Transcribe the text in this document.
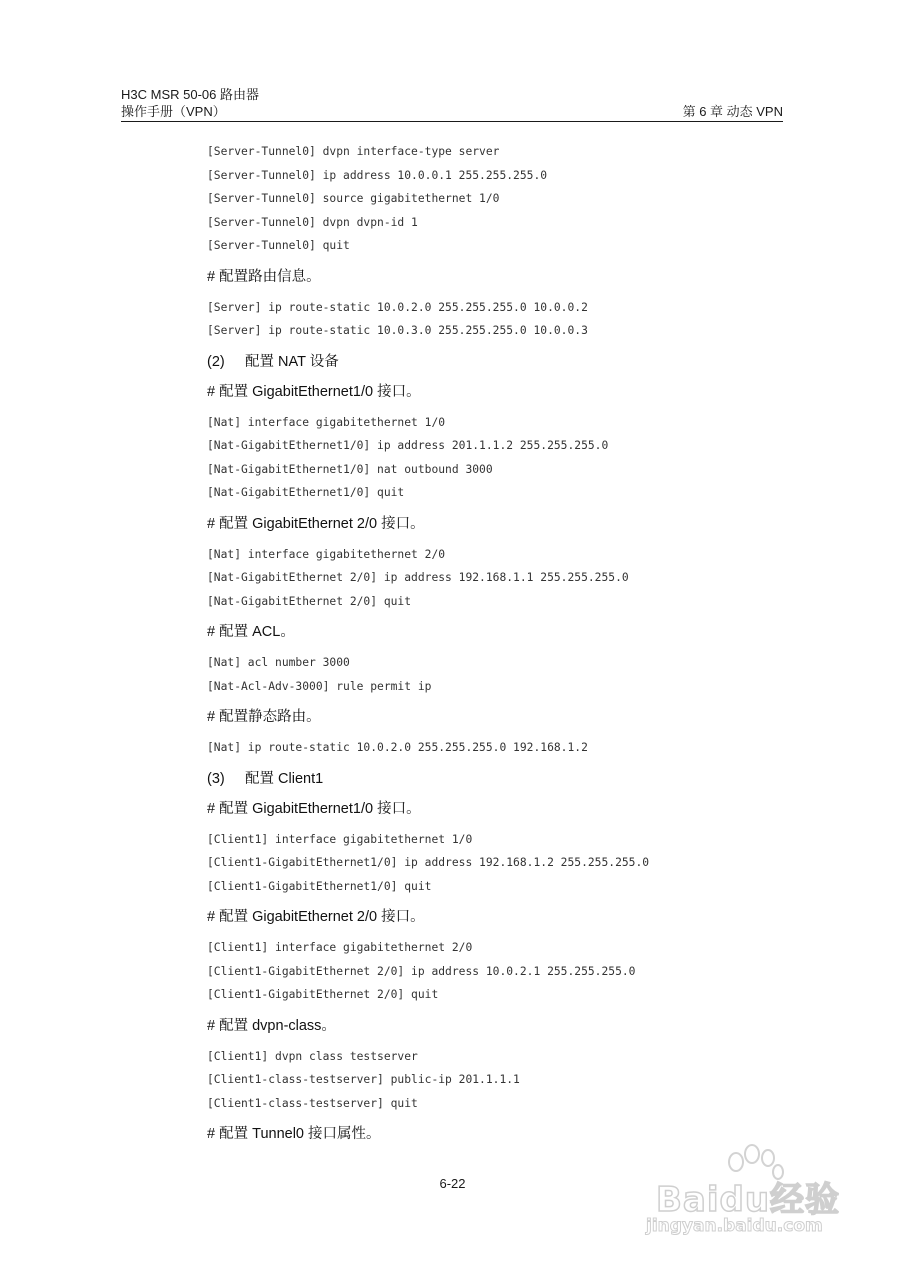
H3C MSR 50-06 路由器
操作手册（VPN）	第 6 章 动态 VPN
[Server-Tunnel0] dvpn interface-type server
[Server-Tunnel0] ip address 10.0.0.1 255.255.255.0
[Server-Tunnel0] source gigabitethernet 1/0
[Server-Tunnel0] dvpn dvpn-id 1
[Server-Tunnel0] quit
# 配置路由信息。
[Server] ip route-static 10.0.2.0 255.255.255.0 10.0.0.2
[Server] ip route-static 10.0.3.0 255.255.255.0 10.0.0.3
(2) 配置 NAT 设备
# 配置 GigabitEthernet1/0 接口。
[Nat] interface gigabitethernet 1/0
[Nat-GigabitEthernet1/0] ip address 201.1.1.2 255.255.255.0
[Nat-GigabitEthernet1/0] nat outbound 3000
[Nat-GigabitEthernet1/0] quit
# 配置 GigabitEthernet 2/0 接口。
[Nat] interface gigabitethernet 2/0
[Nat-GigabitEthernet 2/0] ip address 192.168.1.1 255.255.255.0
[Nat-GigabitEthernet 2/0] quit
# 配置 ACL。
[Nat] acl number 3000
[Nat-Acl-Adv-3000] rule permit ip
# 配置静态路由。
[Nat] ip route-static 10.0.2.0 255.255.255.0 192.168.1.2
(3) 配置 Client1
# 配置 GigabitEthernet1/0 接口。
[Client1] interface gigabitethernet 1/0
[Client1-GigabitEthernet1/0] ip address 192.168.1.2 255.255.255.0
[Client1-GigabitEthernet1/0] quit
# 配置 GigabitEthernet 2/0 接口。
[Client1] interface gigabitethernet 2/0
[Client1-GigabitEthernet 2/0] ip address 10.0.2.1 255.255.255.0
[Client1-GigabitEthernet 2/0] quit
# 配置 dvpn-class。
[Client1] dvpn class testserver
[Client1-class-testserver] public-ip 201.1.1.1
[Client1-class-testserver] quit
# 配置 Tunnel0 接口属性。
6-22	Baidu经验
jingyan.baidu.com
